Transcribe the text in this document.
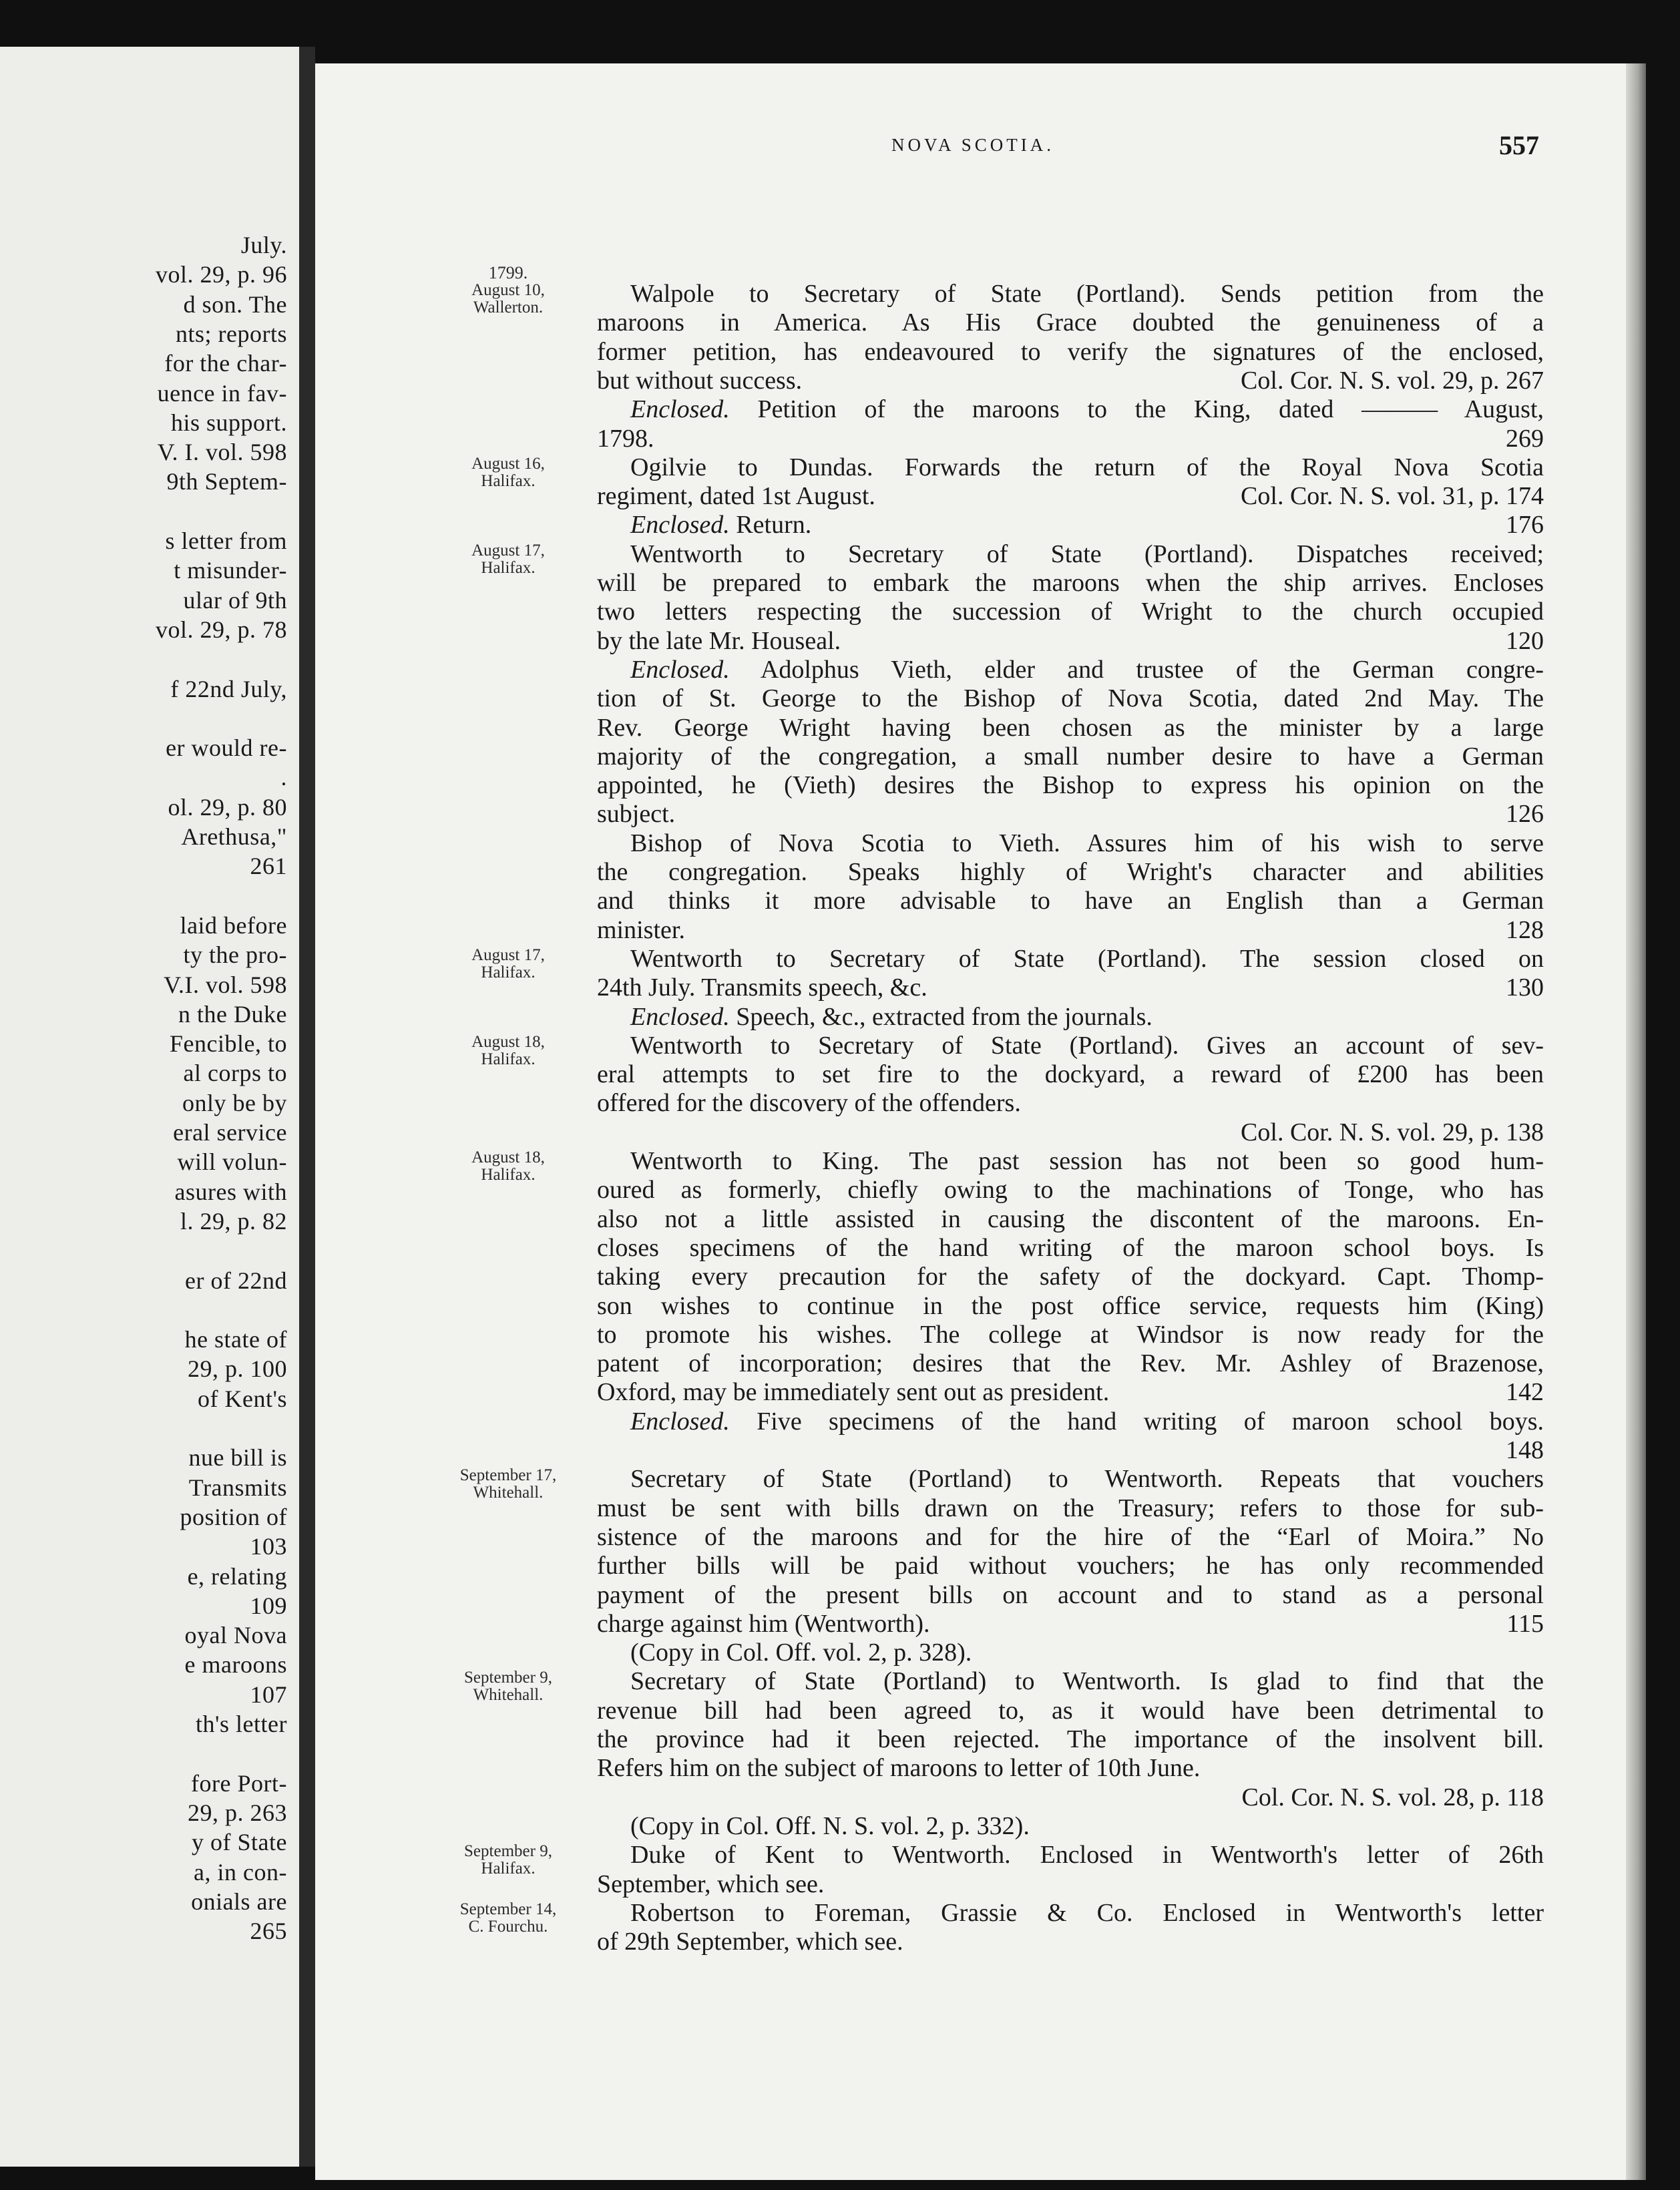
July.
vol. 29, p. 96
d son. The
nts; reports
for the char-
uence in fav-
his support.
V. I. vol. 598
9th Septem-
s letter from
t misunder-
ular of 9th
vol. 29, p. 78
f 22nd July,
er would re-
.
ol. 29, p. 80
Arethusa,"
261
laid before
ty the pro-
V.I. vol. 598
n the Duke
Fencible, to
al corps to
only be by
eral service
will volun-
asures with
l. 29, p. 82
er of 22nd
he state of
29, p. 100
of Kent's
nue bill is
Transmits
position of
103
e, relating
109
oyal Nova
e maroons
107
th's letter
fore Port-
29, p. 263
y of State
a, in con-
onials are
265
NOVA SCOTIA.	557
1799.
August 10,
Wallerton.	Walpole to Secretary of State (Portland). Sends petition from the
maroons in America. As His Grace doubted the genuineness of a
former petition, has endeavoured to verify the signatures of the enclosed,
but without success.	Col. Cor. N. S. vol. 29, p. 267
Enclosed. Petition of the maroons to the King, dated ——— August,
1798.	269
August 16,
Halifax.	Ogilvie to Dundas. Forwards the return of the Royal Nova Scotia
regiment, dated 1st August.	Col. Cor. N. S. vol. 31, p. 174
Enclosed. Return.	176
August 17,
Halifax.	Wentworth to Secretary of State (Portland). Dispatches received;
will be prepared to embark the maroons when the ship arrives. Encloses
two letters respecting the succession of Wright to the church occupied
by the late Mr. Houseal.	120
Enclosed. Adolphus Vieth, elder and trustee of the German congre-
tion of St. George to the Bishop of Nova Scotia, dated 2nd May. The
Rev. George Wright having been chosen as the minister by a large
majority of the congregation, a small number desire to have a German
appointed, he (Vieth) desires the Bishop to express his opinion on the
subject.	126
Bishop of Nova Scotia to Vieth. Assures him of his wish to serve
the congregation. Speaks highly of Wright's character and abilities
and thinks it more advisable to have an English than a German
minister.	128
August 17,
Halifax.	Wentworth to Secretary of State (Portland). The session closed on
24th July. Transmits speech, &c.	130
Enclosed. Speech, &c., extracted from the journals.
August 18,
Halifax.	Wentworth to Secretary of State (Portland). Gives an account of sev-
eral attempts to set fire to the dockyard, a reward of £200 has been
offered for the discovery of the offenders.
Col. Cor. N. S. vol. 29, p. 138
August 18,
Halifax.	Wentworth to King. The past session has not been so good hum-
oured as formerly, chiefly owing to the machinations of Tonge, who has
also not a little assisted in causing the discontent of the maroons. En-
closes specimens of the hand writing of the maroon school boys. Is
taking every precaution for the safety of the dockyard. Capt. Thomp-
son wishes to continue in the post office service, requests him (King)
to promote his wishes. The college at Windsor is now ready for the
patent of incorporation; desires that the Rev. Mr. Ashley of Brazenose,
Oxford, may be immediately sent out as president.	142
Enclosed. Five specimens of the hand writing of maroon school boys.
148
September 17,
Whitehall.	Secretary of State (Portland) to Wentworth. Repeats that vouchers
must be sent with bills drawn on the Treasury; refers to those for sub-
sistence of the maroons and for the hire of the “Earl of Moira.” No
further bills will be paid without vouchers; he has only recommended
payment of the present bills on account and to stand as a personal
charge against him (Wentworth).	115
(Copy in Col. Off. vol. 2, p. 328).
September 9,
Whitehall.	Secretary of State (Portland) to Wentworth. Is glad to find that the
revenue bill had been agreed to, as it would have been detrimental to
the province had it been rejected. The importance of the insolvent bill.
Refers him on the subject of maroons to letter of 10th June.
Col. Cor. N. S. vol. 28, p. 118
(Copy in Col. Off. N. S. vol. 2, p. 332).
September 9,
Halifax.	Duke of Kent to Wentworth. Enclosed in Wentworth's letter of 26th
September, which see.
September 14,
C. Fourchu.	Robertson to Foreman, Grassie & Co. Enclosed in Wentworth's letter
of 29th September, which see.
